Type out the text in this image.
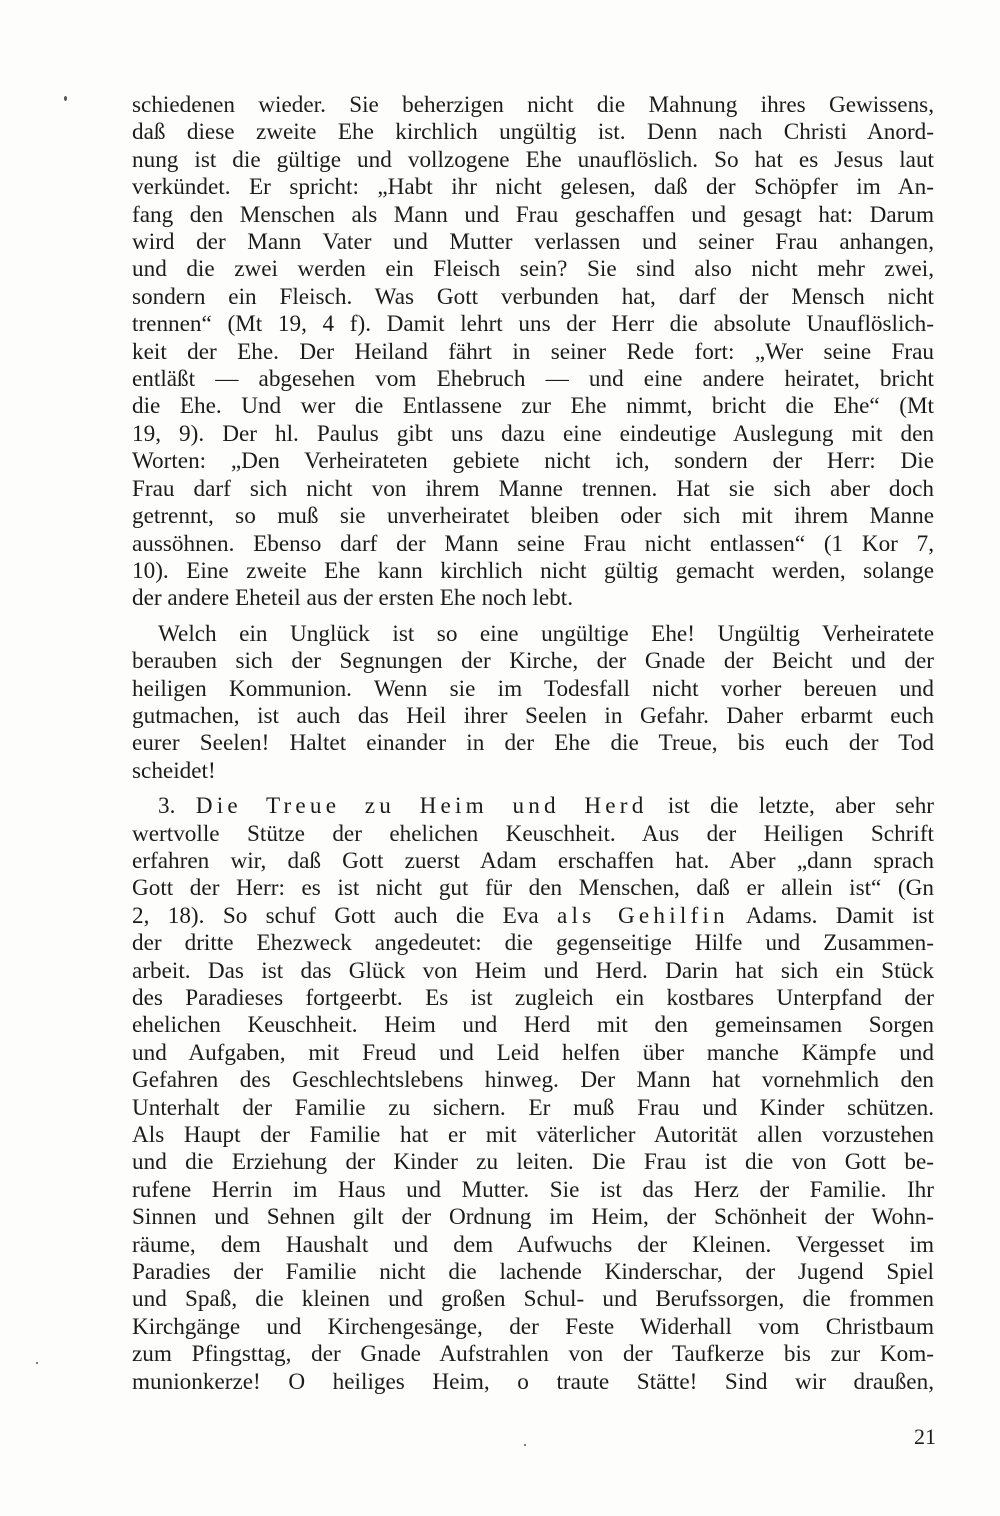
schiedenen wieder. Sie beherzigen nicht die Mahnung ihres Gewissens,
daß diese zweite Ehe kirchlich ungültig ist. Denn nach Christi Anord-
nung ist die gültige und vollzogene Ehe unauflöslich. So hat es Jesus laut
verkündet. Er spricht: „Habt ihr nicht gelesen, daß der Schöpfer im An-
fang den Menschen als Mann und Frau geschaffen und gesagt hat: Darum
wird der Mann Vater und Mutter verlassen und seiner Frau anhangen,
und die zwei werden ein Fleisch sein? Sie sind also nicht mehr zwei,
sondern ein Fleisch. Was Gott verbunden hat, darf der Mensch nicht
trennen“ (Mt 19, 4 f). Damit lehrt uns der Herr die absolute Unauflöslich-
keit der Ehe. Der Heiland fährt in seiner Rede fort: „Wer seine Frau
entläßt — abgesehen vom Ehebruch — und eine andere heiratet, bricht
die Ehe. Und wer die Entlassene zur Ehe nimmt, bricht die Ehe“ (Mt
19, 9). Der hl. Paulus gibt uns dazu eine eindeutige Auslegung mit den
Worten: „Den Verheirateten gebiete nicht ich, sondern der Herr: Die
Frau darf sich nicht von ihrem Manne trennen. Hat sie sich aber doch
getrennt, so muß sie unverheiratet bleiben oder sich mit ihrem Manne
aussöhnen. Ebenso darf der Mann seine Frau nicht entlassen“ (1 Kor 7,
10). Eine zweite Ehe kann kirchlich nicht gültig gemacht werden, solange
der andere Eheteil aus der ersten Ehe noch lebt.
Welch ein Unglück ist so eine ungültige Ehe! Ungültig Verheiratete
berauben sich der Segnungen der Kirche, der Gnade der Beicht und der
heiligen Kommunion. Wenn sie im Todesfall nicht vorher bereuen und
gutmachen, ist auch das Heil ihrer Seelen in Gefahr. Daher erbarmt euch
eurer Seelen! Haltet einander in der Ehe die Treue, bis euch der Tod
scheidet!
3. Die Treue zu Heim und Herd ist die letzte, aber sehr
wertvolle Stütze der ehelichen Keuschheit. Aus der Heiligen Schrift
erfahren wir, daß Gott zuerst Adam erschaffen hat. Aber „dann sprach
Gott der Herr: es ist nicht gut für den Menschen, daß er allein ist“ (Gn
2, 18). So schuf Gott auch die Eva als Gehilfin Adams. Damit ist
der dritte Ehezweck angedeutet: die gegenseitige Hilfe und Zusammen-
arbeit. Das ist das Glück von Heim und Herd. Darin hat sich ein Stück
des Paradieses fortgeerbt. Es ist zugleich ein kostbares Unterpfand der
ehelichen Keuschheit. Heim und Herd mit den gemeinsamen Sorgen
und Aufgaben, mit Freud und Leid helfen über manche Kämpfe und
Gefahren des Geschlechtslebens hinweg. Der Mann hat vornehmlich den
Unterhalt der Familie zu sichern. Er muß Frau und Kinder schützen.
Als Haupt der Familie hat er mit väterlicher Autorität allen vorzustehen
und die Erziehung der Kinder zu leiten. Die Frau ist die von Gott be-
rufene Herrin im Haus und Mutter. Sie ist das Herz der Familie. Ihr
Sinnen und Sehnen gilt der Ordnung im Heim, der Schönheit der Wohn-
räume, dem Haushalt und dem Aufwuchs der Kleinen. Vergesset im
Paradies der Familie nicht die lachende Kinderschar, der Jugend Spiel
und Spaß, die kleinen und großen Schul- und Berufssorgen, die frommen
Kirchgänge und Kirchengesänge, der Feste Widerhall vom Christbaum
zum Pfingsttag, der Gnade Aufstrahlen von der Taufkerze bis zur Kom-
munionkerze! O heiliges Heim, o traute Stätte! Sind wir draußen,
21
